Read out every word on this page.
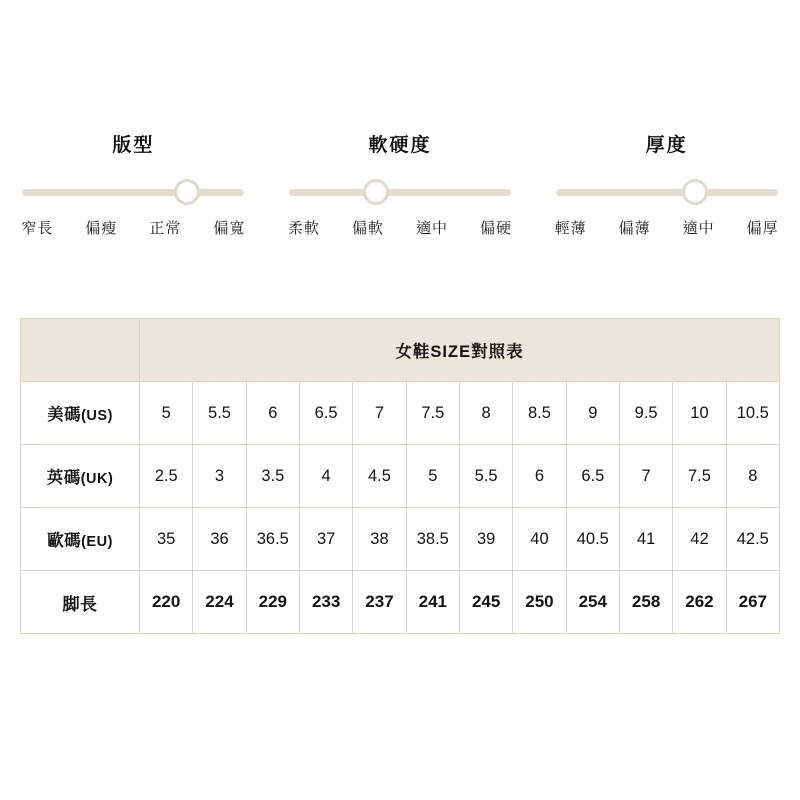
版型
窄長	偏瘦	正常	偏寬
軟硬度
柔軟	偏軟	適中	偏硬
厚度
輕薄	偏薄	適中	偏厚
	女鞋SIZE對照表											
美碼(US)	5	5.5	6	6.5	7	7.5	8	8.5	9	9.5	10	10.5
英碼(UK)	2.5	3	3.5	4	4.5	5	5.5	6	6.5	7	7.5	8
歐碼(EU)	35	36	36.5	37	38	38.5	39	40	40.5	41	42	42.5
脚長	220	224	229	233	237	241	245	250	254	258	262	267
